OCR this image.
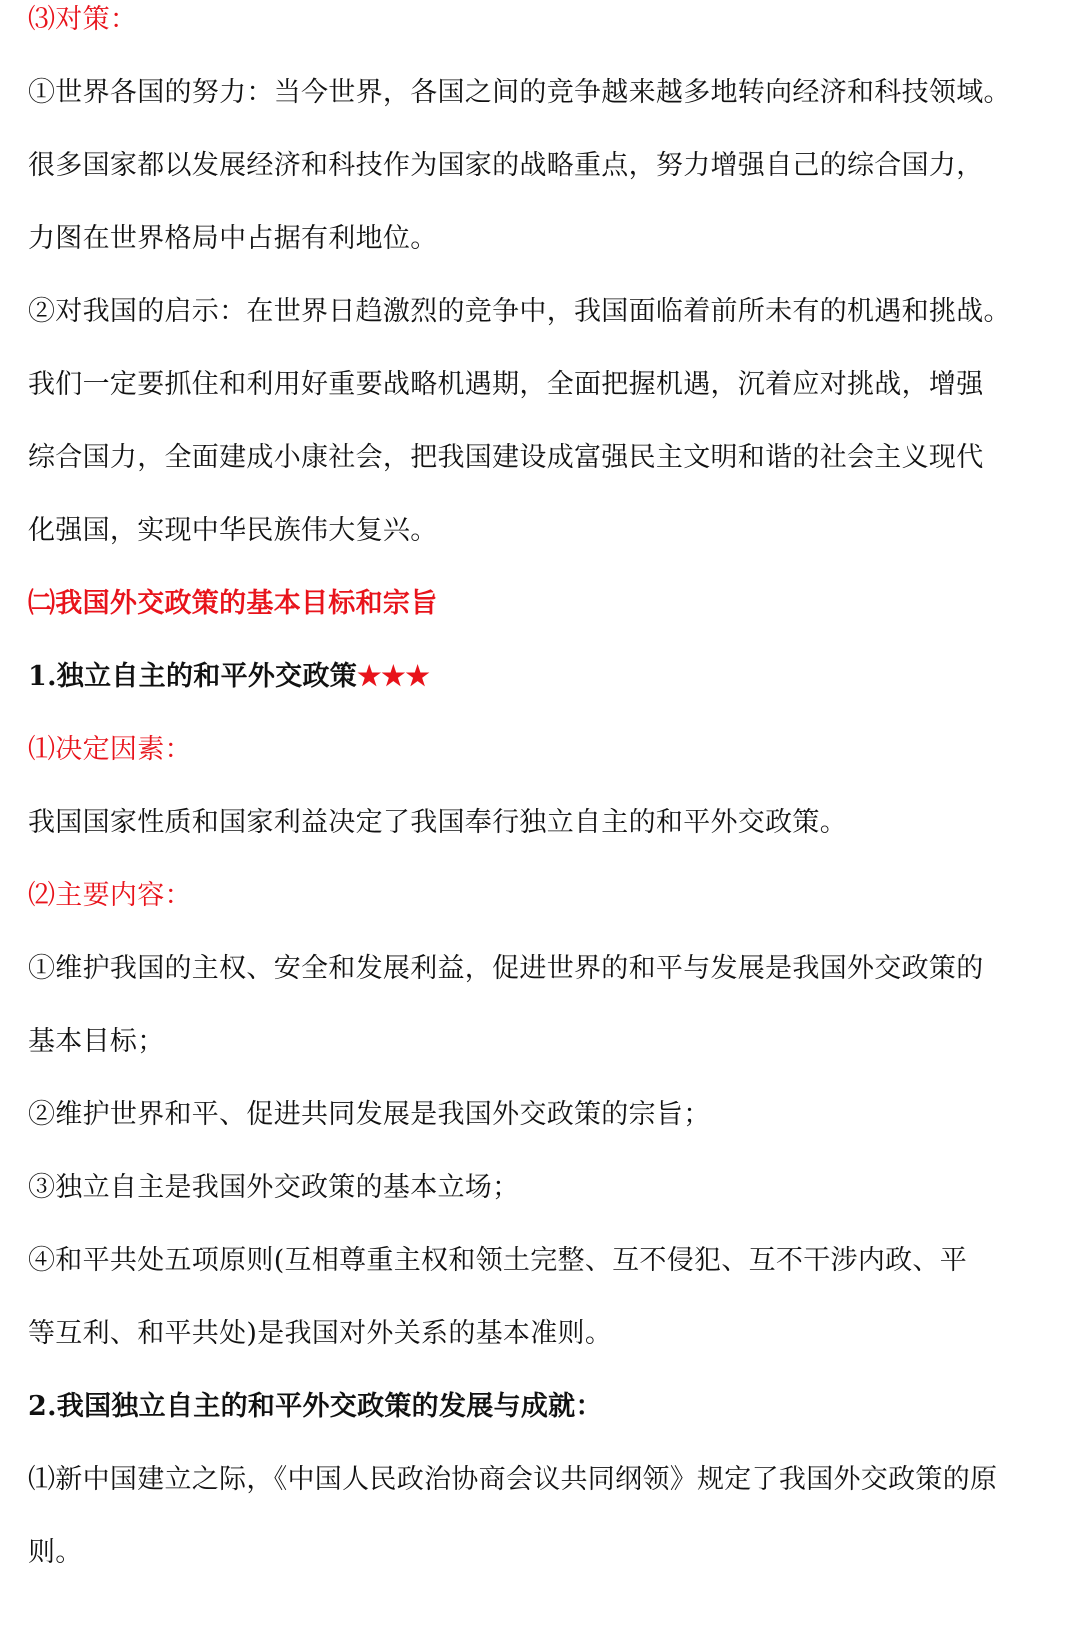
⑶对策：
①世界各国的努力：当今世界，各国之间的竞争越来越多地转向经济和科技领域。
很多国家都以发展经济和科技作为国家的战略重点，努力增强自己的综合国力，
力图在世界格局中占据有利地位。
②对我国的启示：在世界日趋激烈的竞争中，我国面临着前所未有的机遇和挑战。
我们一定要抓住和利用好重要战略机遇期，全面把握机遇，沉着应对挑战，增强
综合国力，全面建成小康社会，把我国建设成富强民主文明和谐的社会主义现代
化强国，实现中华民族伟大复兴。
㈡我国外交政策的基本目标和宗旨
1.独立自主的和平外交政策★★★
⑴决定因素：
我国国家性质和国家利益决定了我国奉行独立自主的和平外交政策。
⑵主要内容：
①维护我国的主权、安全和发展利益，促进世界的和平与发展是我国外交政策的
基本目标；
②维护世界和平、促进共同发展是我国外交政策的宗旨；
③独立自主是我国外交政策的基本立场；
④和平共处五项原则(互相尊重主权和领土完整、互不侵犯、互不干涉内政、平
等互利、和平共处)是我国对外关系的基本准则。
2.我国独立自主的和平外交政策的发展与成就：
⑴新中国建立之际，《中国人民政治协商会议共同纲领》规定了我国外交政策的原
则。
